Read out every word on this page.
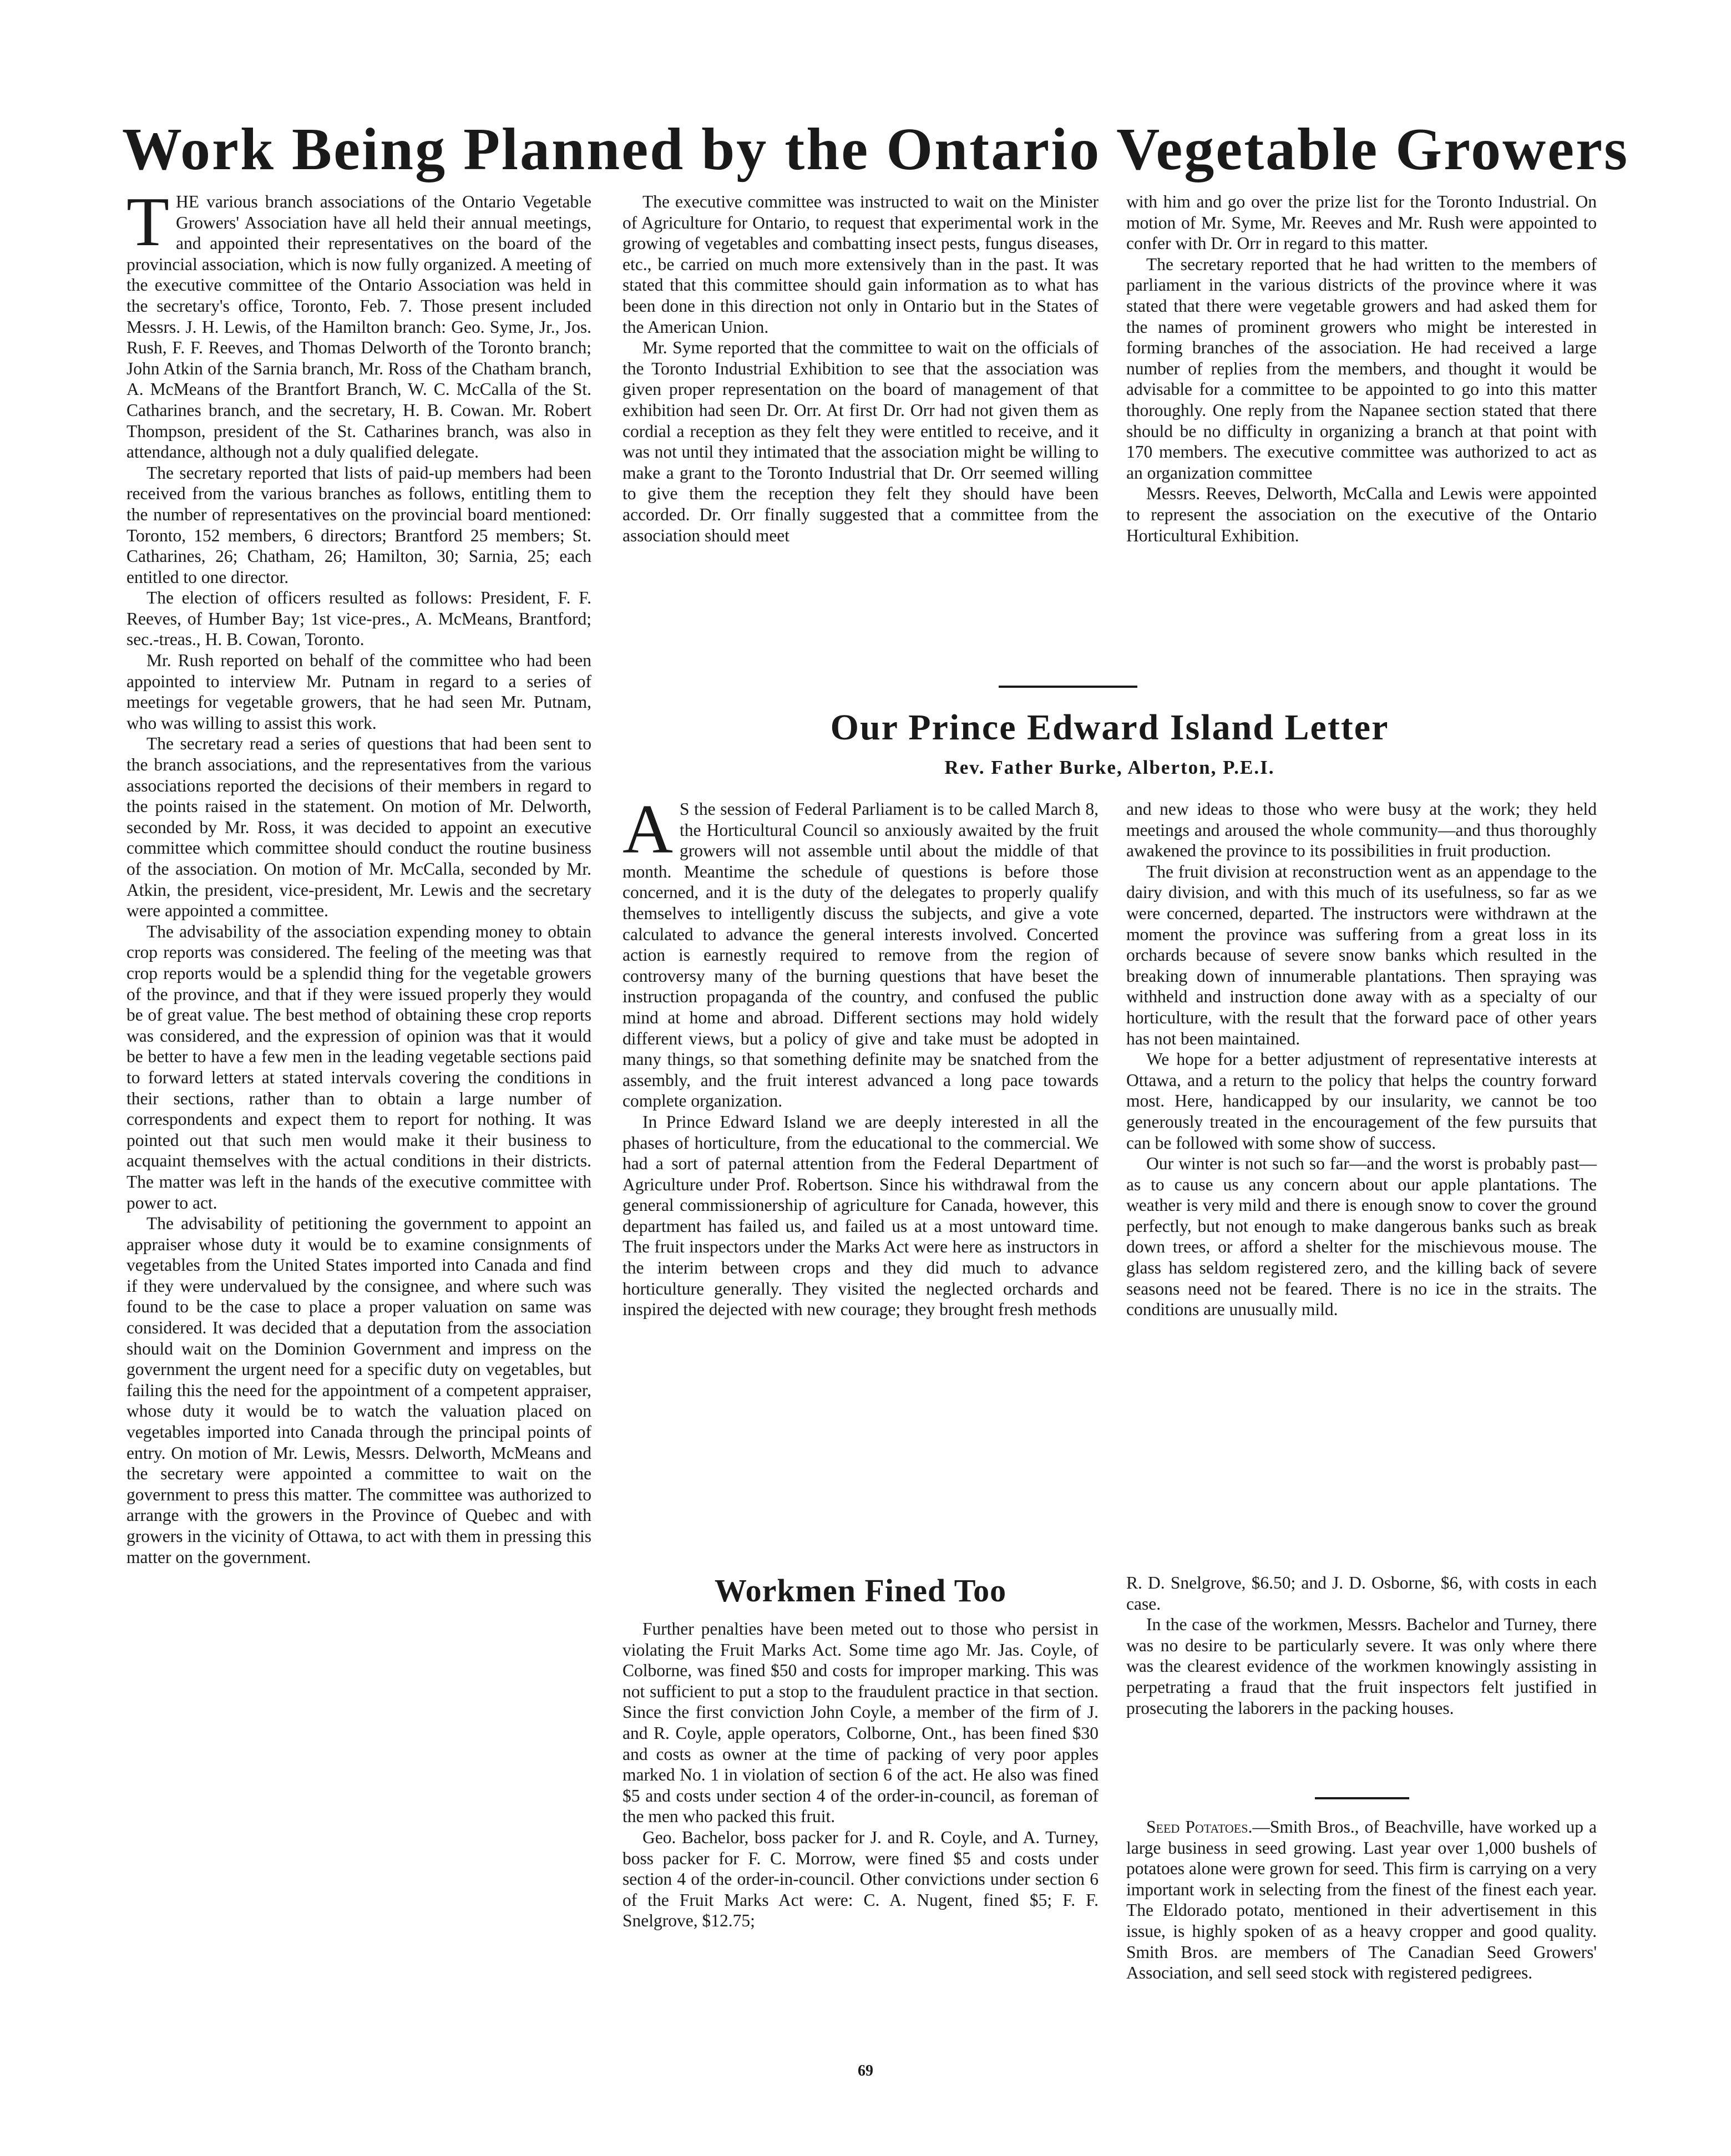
Work Being Planned by the Ontario Vegetable Growers

THE various branch associations of the Ontario Vegetable Growers' Association have all held their annual meetings, and appointed their representatives on the board of the provincial association, which is now fully organized. A meeting of the executive committee of the Ontario Association was held in the secretary's office, Toronto, Feb. 7. Those present included Messrs. J. H. Lewis, of the Hamilton branch: Geo. Syme, Jr., Jos. Rush, F. F. Reeves, and Thomas Delworth of the Toronto branch; John Atkin of the Sarnia branch, Mr. Ross of the Chatham branch, A. McMeans of the Brantfort Branch, W. C. McCalla of the St. Catharines branch, and the secretary, H. B. Cowan. Mr. Robert Thompson, president of the St. Catharines branch, was also in attendance, although not a duly qualified delegate.

The secretary reported that lists of paid-up members had been received from the various branches as follows, entitling them to the number of representatives on the provincial board mentioned: Toronto, 152 members, 6 directors; Brantford 25 members; St. Catharines, 26; Chatham, 26; Hamilton, 30; Sarnia, 25; each entitled to one director.

The election of officers resulted as follows: President, F. F. Reeves, of Humber Bay; 1st vice-pres., A. McMeans, Brantford; sec.-treas., H. B. Cowan, Toronto.

Mr. Rush reported on behalf of the committee who had been appointed to interview Mr. Putnam in regard to a series of meetings for vegetable growers, that he had seen Mr. Putnam, who was willing to assist this work.

The secretary read a series of questions that had been sent to the branch associations, and the representatives from the various associations reported the decisions of their members in regard to the points raised in the statement. On motion of Mr. Delworth, seconded by Mr. Ross, it was decided to appoint an executive committee which committee should conduct the routine business of the association. On motion of Mr. McCalla, seconded by Mr. Atkin, the president, vice-president, Mr. Lewis and the secretary were appointed a committee.

The advisability of the association expending money to obtain crop reports was considered. The feeling of the meeting was that crop reports would be a splendid thing for the vegetable growers of the province, and that if they were issued properly they would be of great value. The best method of obtaining these crop reports was considered, and the expression of opinion was that it would be better to have a few men in the leading vegetable sections paid to forward letters at stated intervals covering the conditions in their sections, rather than to obtain a large number of correspondents and expect them to report for nothing. It was pointed out that such men would make it their business to acquaint themselves with the actual conditions in their districts. The matter was left in the hands of the executive committee with power to act.

The advisability of petitioning the government to appoint an appraiser whose duty it would be to examine consignments of vegetables from the United States imported into Canada and find if they were undervalued by the consignee, and where such was found to be the case to place a proper valuation on same was considered. It was decided that a deputation from the association should wait on the Dominion Government and impress on the government the urgent need for a specific duty on vegetables, but failing this the need for the appointment of a competent appraiser, whose duty it would be to watch the valuation placed on vegetables imported into Canada through the principal points of entry. On motion of Mr. Lewis, Messrs. Delworth, McMeans and the secretary were appointed a committee to wait on the government to press this matter. The committee was authorized to arrange with the growers in the Province of Quebec and with growers in the vicinity of Ottawa, to act with them in pressing this matter on the government.

The executive committee was instructed to wait on the Minister of Agriculture for Ontario, to request that experimental work in the growing of vegetables and combatting insect pests, fungus diseases, etc., be carried on much more extensively than in the past. It was stated that this committee should gain information as to what has been done in this direction not only in Ontario but in the States of the American Union.

Mr. Syme reported that the committee to wait on the officials of the Toronto Industrial Exhibition to see that the association was given proper representation on the board of management of that exhibition had seen Dr. Orr. At first Dr. Orr had not given them as cordial a reception as they felt they were entitled to receive, and it was not until they intimated that the association might be willing to make a grant to the Toronto Industrial that Dr. Orr seemed willing to give them the reception they felt they should have been accorded. Dr. Orr finally suggested that a committee from the association should meet

with him and go over the prize list for the Toronto Industrial. On motion of Mr. Syme, Mr. Reeves and Mr. Rush were appointed to confer with Dr. Orr in regard to this matter.

The secretary reported that he had written to the members of parliament in the various districts of the province where it was stated that there were vegetable growers and had asked them for the names of prominent growers who might be interested in forming branches of the association. He had received a large number of replies from the members, and thought it would be advisable for a committee to be appointed to go into this matter thoroughly. One reply from the Napanee section stated that there should be no difficulty in organizing a branch at that point with 170 members. The executive committee was authorized to act as an organization committee

Messrs. Reeves, Delworth, McCalla and Lewis were appointed to represent the association on the executive of the Ontario Horticultural Exhibition.

Our Prince Edward Island Letter
Rev. Father Burke, Alberton, P.E.I.

A S the session of Federal Parliament is to be called March 8, the Horticultural Council so anxiously awaited by the fruit growers will not assemble until about the middle of that month. Meantime the schedule of questions is before those concerned, and it is the duty of the delegates to properly qualify themselves to intelligently discuss the subjects, and give a vote calculated to advance the general interests involved. Concerted action is earnestly required to remove from the region of controversy many of the burning questions that have beset the instruction propaganda of the country, and confused the public mind at home and abroad. Different sections may hold widely different views, but a policy of give and take must be adopted in many things, so that something definite may be snatched from the assembly, and the fruit interest advanced a long pace towards complete organization.

In Prince Edward Island we are deeply interested in all the phases of horticulture, from the educational to the commercial. We had a sort of paternal attention from the Federal Department of Agriculture under Prof. Robertson. Since his withdrawal from the general commissionership of agriculture for Canada, however, this department has failed us, and failed us at a most untoward time. The fruit inspectors under the Marks Act were here as instructors in the interim between crops and they did much to advance horticulture generally. They visited the neglected orchards and inspired the dejected with new courage; they brought fresh methods

and new ideas to those who were busy at the work; they held meetings and aroused the whole community—and thus thoroughly awakened the province to its possibilities in fruit production.

The fruit division at reconstruction went as an appendage to the dairy division, and with this much of its usefulness, so far as we were concerned, departed. The instructors were withdrawn at the moment the province was suffering from a great loss in its orchards because of severe snow banks which resulted in the breaking down of innumerable plantations. Then spraying was withheld and instruction done away with as a specialty of our horticulture, with the result that the forward pace of other years has not been maintained.

We hope for a better adjustment of representative interests at Ottawa, and a return to the policy that helps the country forward most. Here, handicapped by our insularity, we cannot be too generously treated in the encouragement of the few pursuits that can be followed with some show of success.

Our winter is not such so far—and the worst is probably past—as to cause us any concern about our apple plantations. The weather is very mild and there is enough snow to cover the ground perfectly, but not enough to make dangerous banks such as break down trees, or afford a shelter for the mischievous mouse. The glass has seldom registered zero, and the killing back of severe seasons need not be feared. There is no ice in the straits. The conditions are unusually mild.

Workmen Fined Too

Further penalties have been meted out to those who persist in violating the Fruit Marks Act. Some time ago Mr. Jas. Coyle, of Colborne, was fined $50 and costs for improper marking. This was not sufficient to put a stop to the fraudulent practice in that section. Since the first conviction John Coyle, a member of the firm of J. and R. Coyle, apple operators, Colborne, Ont., has been fined $30 and costs as owner at the time of packing of very poor apples marked No. 1 in violation of section 6 of the act. He also was fined $5 and costs under section 4 of the order-in-council, as foreman of the men who packed this fruit.

Geo. Bachelor, boss packer for J. and R. Coyle, and A. Turney, boss packer for F. C. Morrow, were fined $5 and costs under section 4 of the order-in-council. Other convictions under section 6 of the Fruit Marks Act were: C. A. Nugent, fined $5; F. F. Snelgrove, $12.75;

R. D. Snelgrove, $6.50; and J. D. Osborne, $6, with costs in each case.

In the case of the workmen, Messrs. Bachelor and Turney, there was no desire to be particularly severe. It was only where there was the clearest evidence of the workmen knowingly assisting in perpetrating a fraud that the fruit inspectors felt justified in prosecuting the laborers in the packing houses.

Seed Potatoes.—Smith Bros., of Beachville, have worked up a large business in seed growing. Last year over 1,000 bushels of potatoes alone were grown for seed. This firm is carrying on a very important work in selecting from the finest of the finest each year. The Eldorado potato, mentioned in their advertisement in this issue, is highly spoken of as a heavy cropper and good quality. Smith Bros. are members of The Canadian Seed Growers' Association, and sell seed stock with registered pedigrees.

69
